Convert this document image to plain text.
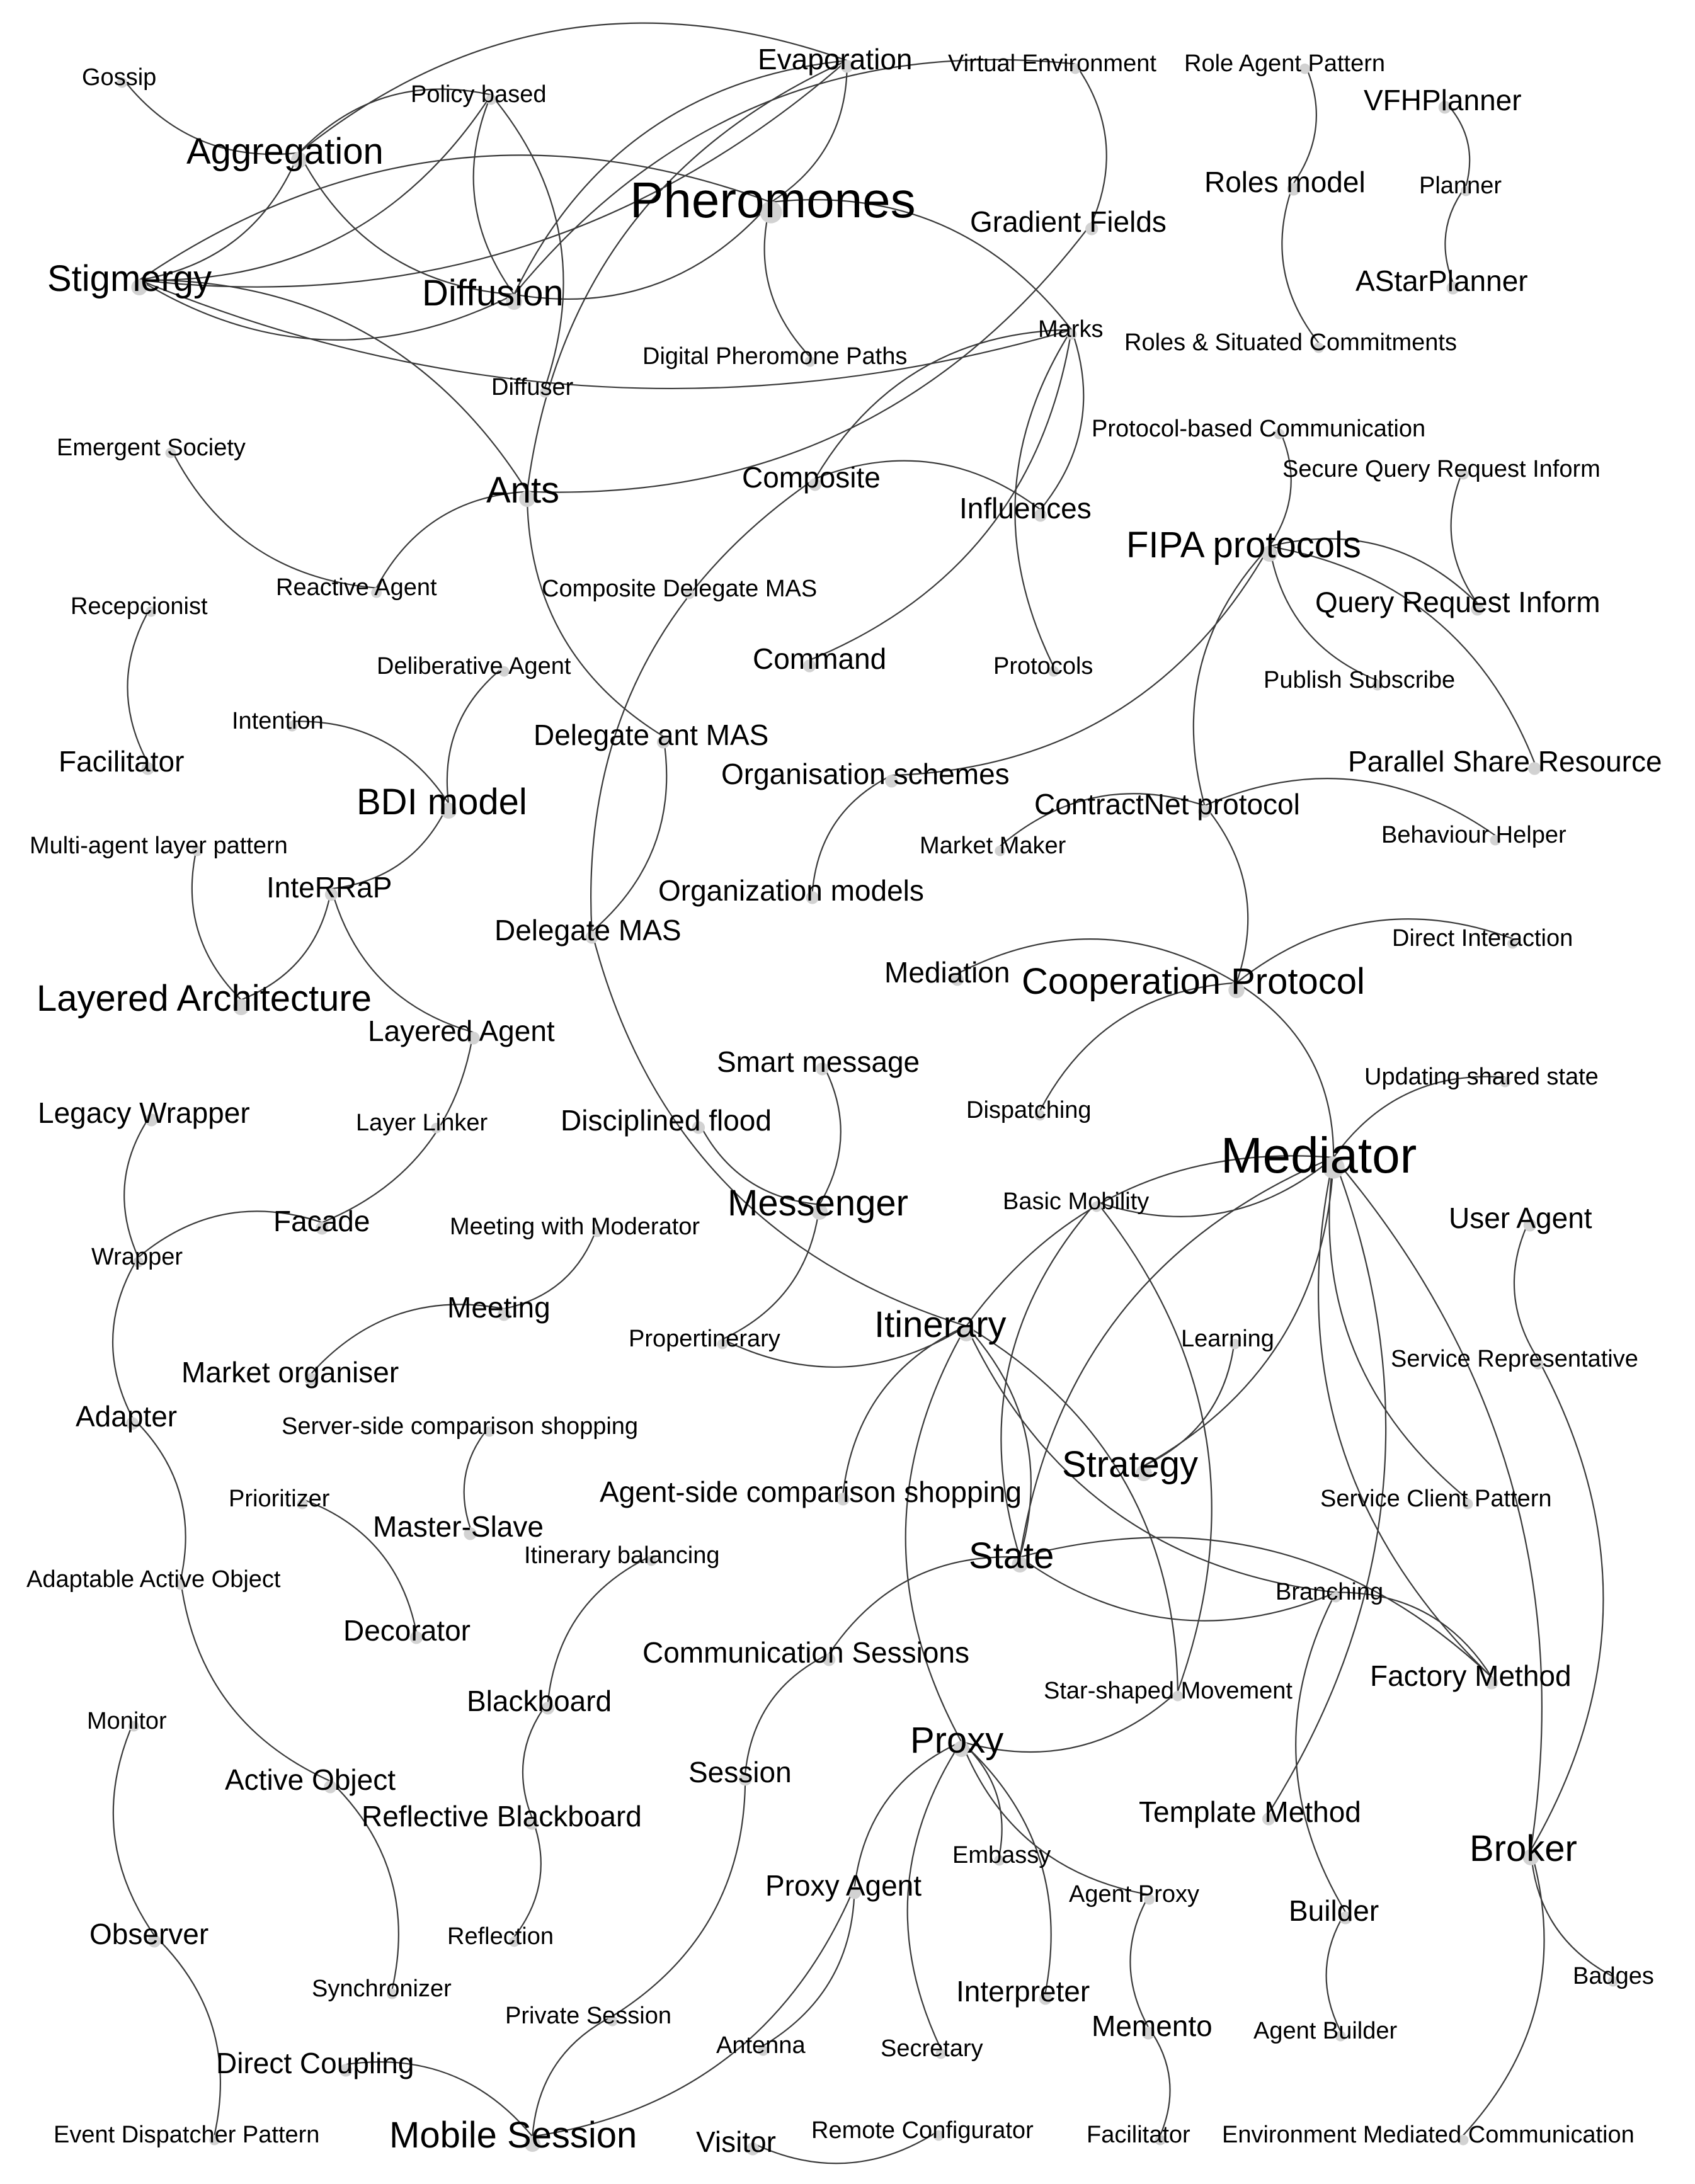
Gossip
Policy based
Evaporation Virtual Environment Role Agent Pattern
VFHPlanner
Aggregation
Pheromones	Roles model Planner
Gradient Fields
Stigmergy	Diffusion	AStarPlanner
Marks Roles & Situated Commitments
Digital Pheromone Paths
Diffuser
Protocol-based Communication
Emergent Society
Ants	Composite	Secure Query Request Inform
Influences
FIPA protocols
Reactive Agent	Composite Delegate MAS
Recepcionist	Query Request Inform
Command
Deliberative Agent	Protocols
Publish Subscribe
Intention
Facilitator
Delegate ant MAS
Parallel Share Resource
Organisation schemes
BDI model	ContractNet protocol
Multi-agent layer pattern	Market Maker	Behaviour Helper
InteRRaP	Organization models
Delegate MAS	Direct Interaction
Mediation
Layered Architecture	Cooperation Protocol
Layered Agent
Smart message	Updating shared state
Legacy Wrapper	Dispatching
Layer Linker	Disciplined flood
Mediator
Messenger	Basic Mobility
Facade	Meeting with Moderator	User Agent
Wrapper
Meeting	Itinerary
Propertinerary	Learning
Service Representative
Market organiser
Adapter	Server-side comparison shopping
Strategy
Agent-side comparison shopping	Service Client Pattern
Prioritizer
Master-Slave
Itinerary balancing	State
Adaptable Active Object	Branching
Decorator
Communication Sessions
Factory Method
Blackboard	Star-shaped Movement
Monitor	Proxy
Active Object	Session
Reflective Blackboard	Template Method
Broker
Embassy
Proxy Agent	Agent Proxy	Builder
Observer	Reflection
Badges
Interpreter
Synchronizer
Private Session	Memento Agent Builder
Antenna	Secretary
Direct Coupling
Event Dispatcher Pattern Mobile Session	Remote Configurator
Visitor	Facilitator Environment Mediated Communication
